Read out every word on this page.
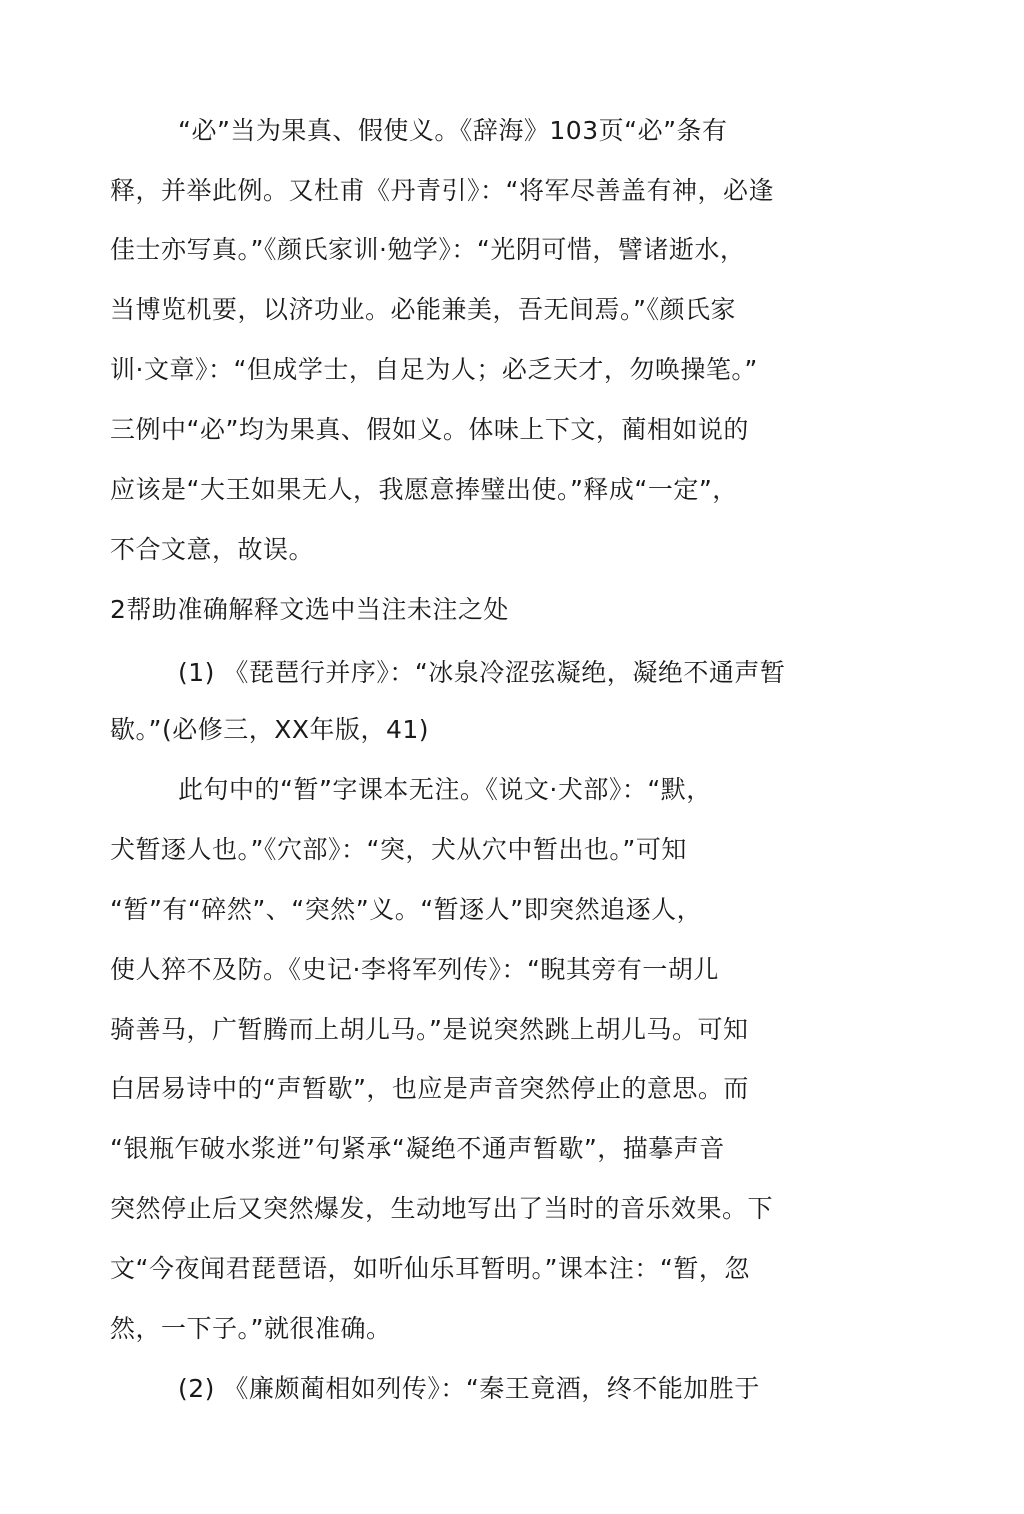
“必”当为果真、假使义。《辞海》103页“必”条有
释，并举此例。又杜甫《丹青引》：“将军尽善盖有神，必逢
佳士亦写真。”《颜氏家训·勉学》：“光阴可惜，譬诸逝水，
当博览机要，以济功业。必能兼美，吾无间焉。”《颜氏家
训·文章》：“但成学士，自足为人；必乏天才，勿唤操笔。”
三例中“必”均为果真、假如义。体味上下文，蔺相如说的
应该是“大王如果无人，我愿意捧璧出使。”释成“一定”，
不合文意，故误。
2帮助准确解释文选中当注未注之处
(1) 《琵琶行并序》：“冰泉冷涩弦凝绝，凝绝不通声暂
歇。”(必修三，XX年版，41)
此句中的“暂”字课本无注。《说文·犬部》：“默，
犬暂逐人也。”《穴部》：“突，犬从穴中暂出也。”可知
“暂”有“碎然”、“突然”义。“暂逐人”即突然追逐人，
使人猝不及防。《史记·李将军列传》：“睨其旁有一胡儿
骑善马，广暂腾而上胡儿马。”是说突然跳上胡儿马。可知
白居易诗中的“声暂歇”，也应是声音突然停止的意思。而
“银瓶乍破水浆迸”句紧承“凝绝不通声暂歇”，描摹声音
突然停止后又突然爆发，生动地写出了当时的音乐效果。下
文“今夜闻君琵琶语，如听仙乐耳暂明。”课本注：“暂，忽
然，一下子。”就很准确。
(2) 《廉颇蔺相如列传》：“秦王竟酒，终不能加胜于
